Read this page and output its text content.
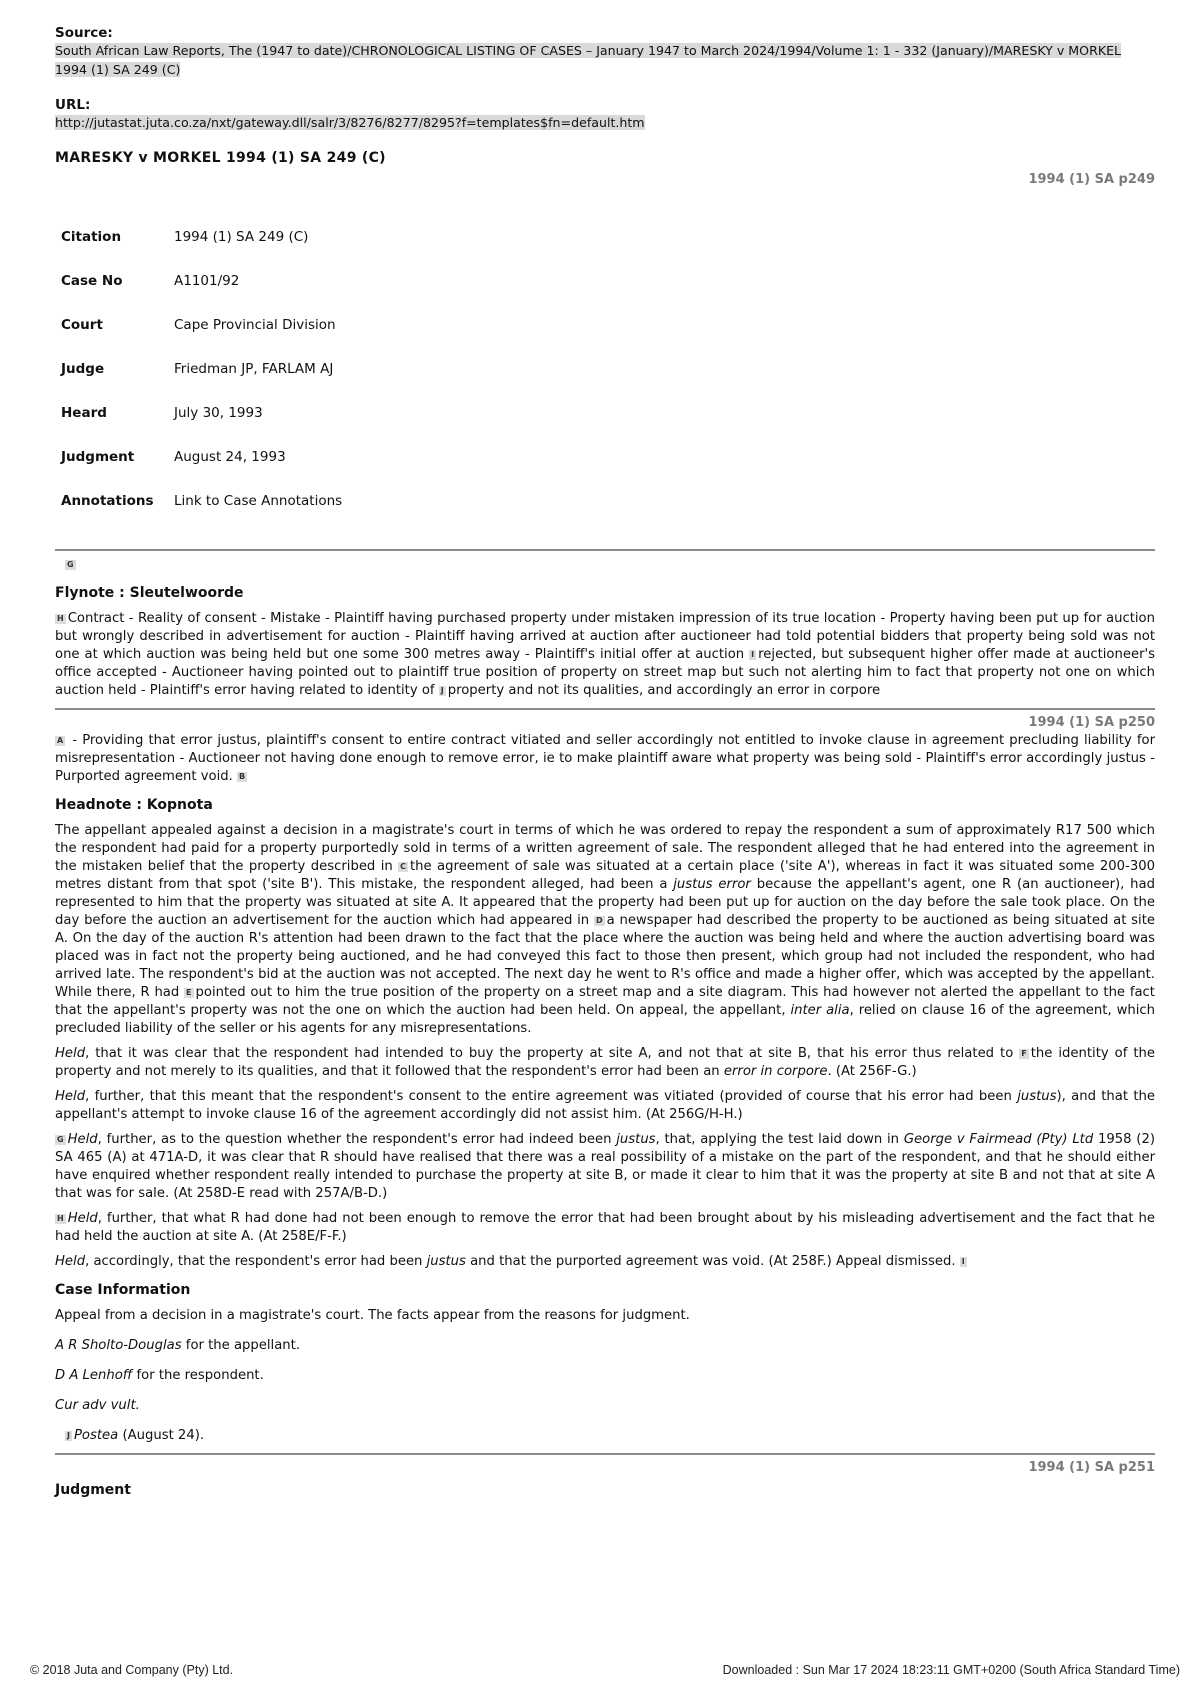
Source:
South African Law Reports, The (1947 to date)/CHRONOLOGICAL LISTING OF CASES – January 1947 to March 2024/1994/Volume 1: 1 - 332 (January)/MARESKY v MORKEL 1994 (1) SA 249 (C)
URL:
http://jutastat.juta.co.za/nxt/gateway.dll/salr/3/8276/8277/8295?f=templates$fn=default.htm
MARESKY v MORKEL 1994 (1) SA 249 (C)
1994 (1) SA p249
Citation	1994 (1) SA 249 (C)
Case No	A1101/92
Court	Cape Provincial Division
Judge	Friedman JP, FARLAM AJ
Heard	July 30, 1993
Judgment	August 24, 1993
Annotations	Link to Case Annotations
G
Flynote : Sleutelwoorde

H Contract - Reality of consent - Mistake - Plaintiff having purchased property under mistaken impression of its true location - Property having been put up for auction but wrongly described in advertisement for auction - Plaintiff having arrived at auction after auctioneer had told potential bidders that property being sold was not one at which auction was being held but one some 300 metres away - Plaintiff's initial offer at auction I rejected, but subsequent higher offer made at auctioneer's office accepted - Auctioneer having pointed out to plaintiff true position of property on street map but such not alerting him to fact that property not one on which auction held - Plaintiff's error having related to identity of J property and not its qualities, and accordingly an error in corpore

1994 (1) SA p250

A - Providing that error justus, plaintiff's consent to entire contract vitiated and seller accordingly not entitled to invoke clause in agreement precluding liability for misrepresentation - Auctioneer not having done enough to remove error, ie to make plaintiff aware what property was being sold - Plaintiff's error accordingly justus - Purported agreement void. B

Headnote : Kopnota

The appellant appealed against a decision in a magistrate's court in terms of which he was ordered to repay the respondent a sum of approximately R17 500 which the respondent had paid for a property purportedly sold in terms of a written agreement of sale. The respondent alleged that he had entered into the agreement in the mistaken belief that the property described in C the agreement of sale was situated at a certain place ('site A'), whereas in fact it was situated some 200-300 metres distant from that spot ('site B'). This mistake, the respondent alleged, had been a justus error because the appellant's agent, one R (an auctioneer), had represented to him that the property was situated at site A. It appeared that the property had been put up for auction on the day before the sale took place. On the day before the auction an advertisement for the auction which had appeared in D a newspaper had described the property to be auctioned as being situated at site A. On the day of the auction R's attention had been drawn to the fact that the place where the auction was being held and where the auction advertising board was placed was in fact not the property being auctioned, and he had conveyed this fact to those then present, which group had not included the respondent, who had arrived late. The respondent's bid at the auction was not accepted. The next day he went to R's office and made a higher offer, which was accepted by the appellant. While there, R had E pointed out to him the true position of the property on a street map and a site diagram. This had however not alerted the appellant to the fact that the appellant's property was not the one on which the auction had been held. On appeal, the appellant, inter alia, relied on clause 16 of the agreement, which precluded liability of the seller or his agents for any misrepresentations.

Held, that it was clear that the respondent had intended to buy the property at site A, and not that at site B, that his error thus related to F the identity of the property and not merely to its qualities, and that it followed that the respondent's error had been an error in corpore. (At 256F-G.)

Held, further, that this meant that the respondent's consent to the entire agreement was vitiated (provided of course that his error had been justus), and that the appellant's attempt to invoke clause 16 of the agreement accordingly did not assist him. (At 256G/H-H.)

G Held, further, as to the question whether the respondent's error had indeed been justus, that, applying the test laid down in George v Fairmead (Pty) Ltd 1958 (2) SA 465 (A) at 471A-D, it was clear that R should have realised that there was a real possibility of a mistake on the part of the respondent, and that he should either have enquired whether respondent really intended to purchase the property at site B, or made it clear to him that it was the property at site B and not that at site A that was for sale. (At 258D-E read with 257A/B-D.)

H Held, further, that what R had done had not been enough to remove the error that had been brought about by his misleading advertisement and the fact that he had held the auction at site A. (At 258E/F-F.)

Held, accordingly, that the respondent's error had been justus and that the purported agreement was void. (At 258F.) Appeal dismissed. I

Case Information

Appeal from a decision in a magistrate's court. The facts appear from the reasons for judgment.

A R Sholto-Douglas for the appellant.

D A Lenhoff for the respondent.

Cur adv vult.

J Postea (August 24).

1994 (1) SA p251
Judgment
© 2018 Juta and Company (Pty) Ltd.	Downloaded : Sun Mar 17 2024 18:23:11 GMT+0200 (South Africa Standard Time)
